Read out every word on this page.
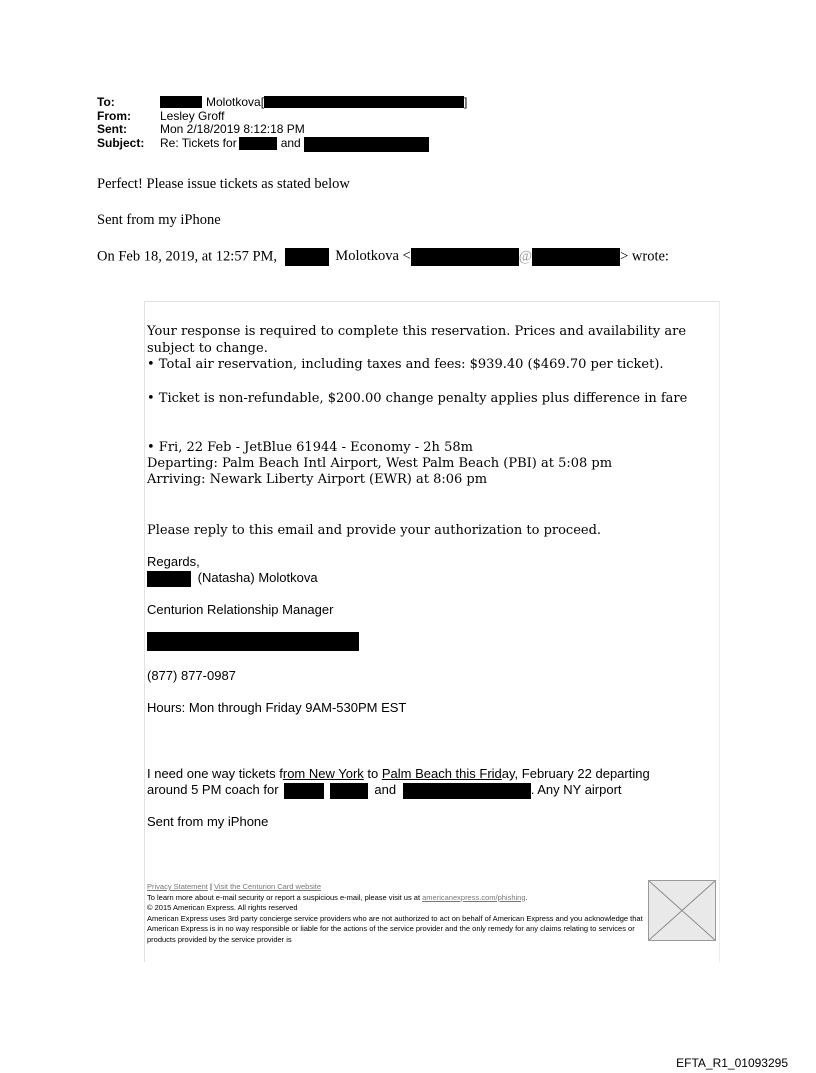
To:	Molotkova[	]
From:	Lesley Groff
Sent:	Mon 2/18/2019 8:12:18 PM
Subject:	Re: Tickets for	and
Perfect! Please issue tickets as stated below
Sent from my iPhone
On Feb 18, 2019, at 12:57 PM,	Molotkova <	@	> wrote:
Your response is required to complete this reservation. Prices and availability are subject to change.
• Total air reservation, including taxes and fees: $939.40 ($469.70 per ticket).
• Ticket is non-refundable, $200.00 change penalty applies plus difference in fare
• Fri, 22 Feb - JetBlue 61944 - Economy - 2h 58m
Departing: Palm Beach Intl Airport, West Palm Beach (PBI) at 5:08 pm
Arriving: Newark Liberty Airport (EWR) at 8:06 pm
Please reply to this email and provide your authorization to proceed.
Regards,
(Natasha) Molotkova
Centurion Relationship Manager
(877) 877-0987
Hours: Mon through Friday 9AM-530PM EST
I need one way tickets from New York to Palm Beach this Friday, February 22 departing
around 5 PM coach for	and	. Any NY airport
Sent from my iPhone
Privacy Statement | Visit the Centurion Card website
To learn more about e-mail security or report a suspicious e-mail, please visit us at americanexpress.com/phishing.
© 2015 American Express. All rights reserved
American Express uses 3rd party concierge service providers who are not authorized to act on behalf of American Express and you acknowledge that American Express is in no way responsible or liable for the actions of the service provider and the only remedy for any claims relating to services or products provided by the service provider is
EFTA_R1_01093295
